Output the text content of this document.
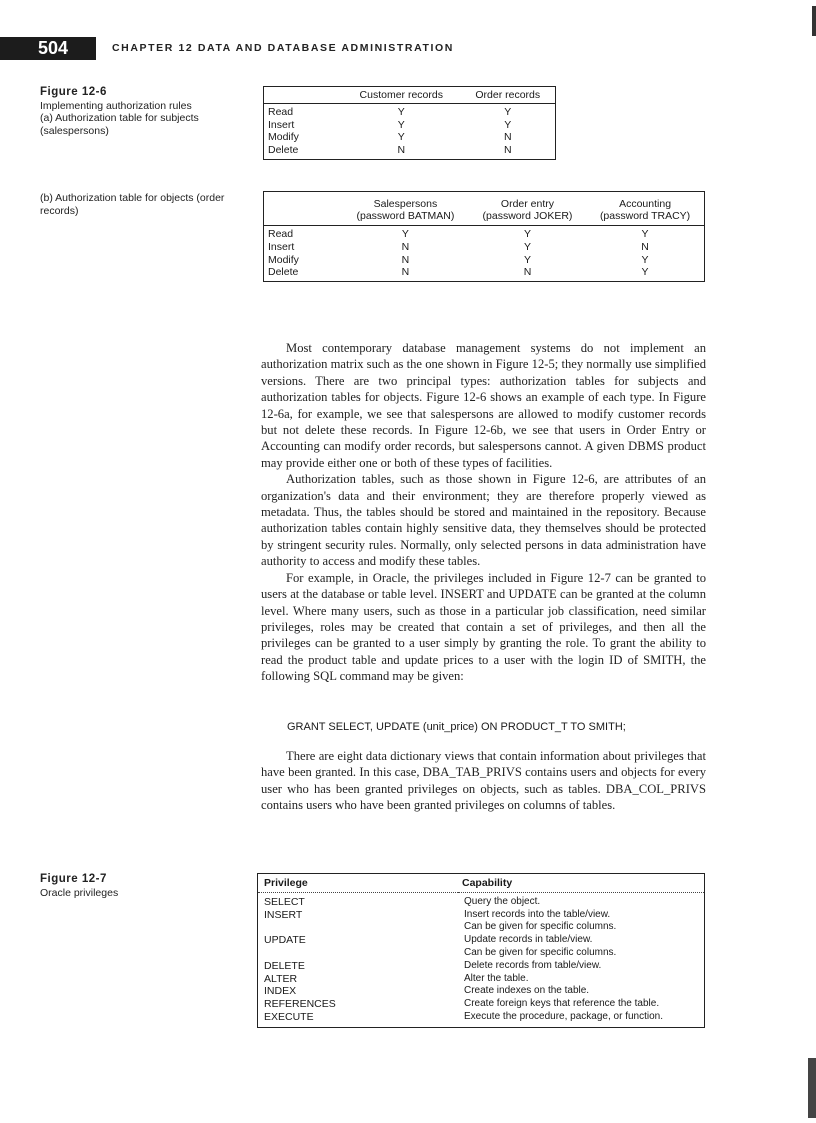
504	CHAPTER 12 DATA AND DATABASE ADMINISTRATION
Figure 12-6
Implementing authorization rules
(a) Authorization table for subjects (salespersons)
(b) Authorization table for objects (order records)
	Customer records	Order records
Read	Y	Y
Insert	Y	Y
Modify	Y	N
Delete	N	N
	Salespersons	Order entry	Accounting
	(password BATMAN)	(password JOKER)	(password TRACY)
Read	Y	Y	Y
Insert	N	Y	N
Modify	N	Y	Y
Delete	N	N	Y

Most contemporary database management systems do not implement an authorization matrix such as the one shown in Figure 12-5; they normally use simplified versions. There are two principal types: authorization tables for subjects and authorization tables for objects. Figure 12-6 shows an example of each type. In Figure 12-6a, for example, we see that salespersons are allowed to modify customer records but not delete these records. In Figure 12-6b, we see that users in Order Entry or Accounting can modify order records, but salespersons cannot. A given DBMS product may provide either one or both of these types of facilities.

Authorization tables, such as those shown in Figure 12-6, are attributes of an organization's data and their environment; they are therefore properly viewed as metadata. Thus, the tables should be stored and maintained in the repository. Because authorization tables contain highly sensitive data, they themselves should be protected by stringent security rules. Normally, only selected persons in data administration have authority to access and modify these tables.

For example, in Oracle, the privileges included in Figure 12-7 can be granted to users at the database or table level. INSERT and UPDATE can be granted at the column level. Where many users, such as those in a particular job classification, need similar privileges, roles may be created that contain a set of privileges, and then all the privileges can be granted to a user simply by granting the role. To grant the ability to read the product table and update prices to a user with the login ID of SMITH, the following SQL command may be given:

GRANT SELECT, UPDATE (unit_price) ON PRODUCT_T TO SMITH;

There are eight data dictionary views that contain information about privileges that have been granted. In this case, DBA_TAB_PRIVS contains users and objects for every user who has been granted privileges on objects, such as tables. DBA_COL_PRIVS contains users who have been granted privileges on columns of tables.

Figure 12-7
Oracle privileges
Privilege	Capability
SELECT	Query the object.
INSERT	Insert records into the table/view.
	Can be given for specific columns.
UPDATE	Update records in table/view.
	Can be given for specific columns.
DELETE	Delete records from table/view.
ALTER	Alter the table.
INDEX	Create indexes on the table.
REFERENCES	Create foreign keys that reference the table.
EXECUTE	Execute the procedure, package, or function.
